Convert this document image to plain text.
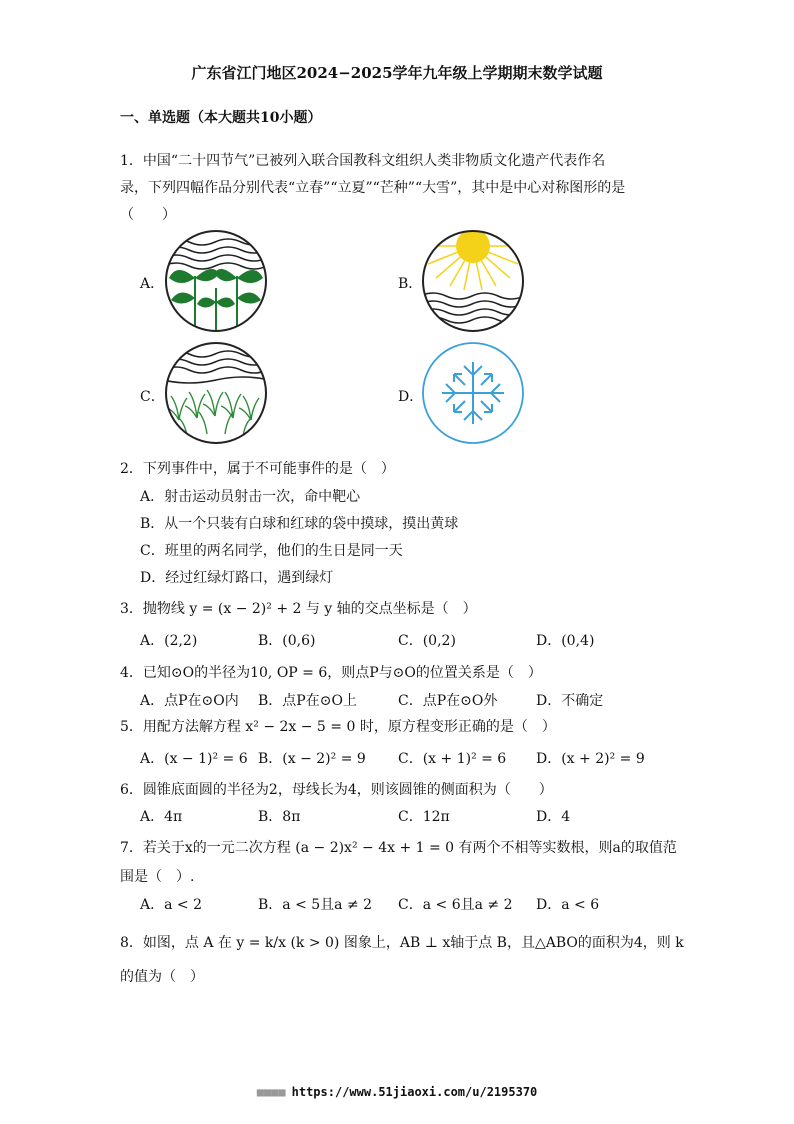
广东省江门地区2024−2025学年九年级上学期期末数学试题
一、单选题（本大题共10小题）
1．中国“二十四节气”已被列入联合国教科文组织人类非物质文化遗产代表作名
录，下列四幅作品分别代表“立春”“立夏”“芒种”“大雪”，其中是中心对称图形的是
（　　）
A．	B．
C．	D．
2．下列事件中，属于不可能事件的是（　）
A．射击运动员射击一次，命中靶心
B．从一个只装有白球和红球的袋中摸球，摸出黄球
C．班里的两名同学，他们的生日是同一天
D．经过红绿灯路口，遇到绿灯
3．抛物线 y = (x − 2)² + 2 与 y 轴的交点坐标是（　）
A．(2,2)	B．(0,6)	C．(0,2)	D．(0,4)
4．已知⊙O的半径为10, OP = 6，则点P与⊙O的位置关系是（　）
A．点P在⊙O内 B．点P在⊙O上	C．点P在⊙O外	D．不确定
5．用配方法解方程 x² − 2x − 5 = 0 时，原方程变形正确的是（　）
A．(x − 1)² = 6 B．(x − 2)² = 9 C．(x + 1)² = 6 D．(x + 2)² = 9
6．圆锥底面圆的半径为2，母线长为4，则该圆锥的侧面积为（　　）
A．4π	B．8π	C．12π	D．4
7．若关于x的一元二次方程 (a − 2)x² − 4x + 1 = 0 有两个不相等实数根，则a的取值范
围是（　）.
A．a < 2	B．a < 5且a ≠ 2 C．a < 6且a ≠ 2 D．a < 6
8．如图，点 A 在 y = k/x (k > 0) 图象上，AB ⊥ x轴于点 B，且△ABO的面积为4，则 k
的值为（　）
■■■■ https://www.51jiaoxi.com/u/2195370
